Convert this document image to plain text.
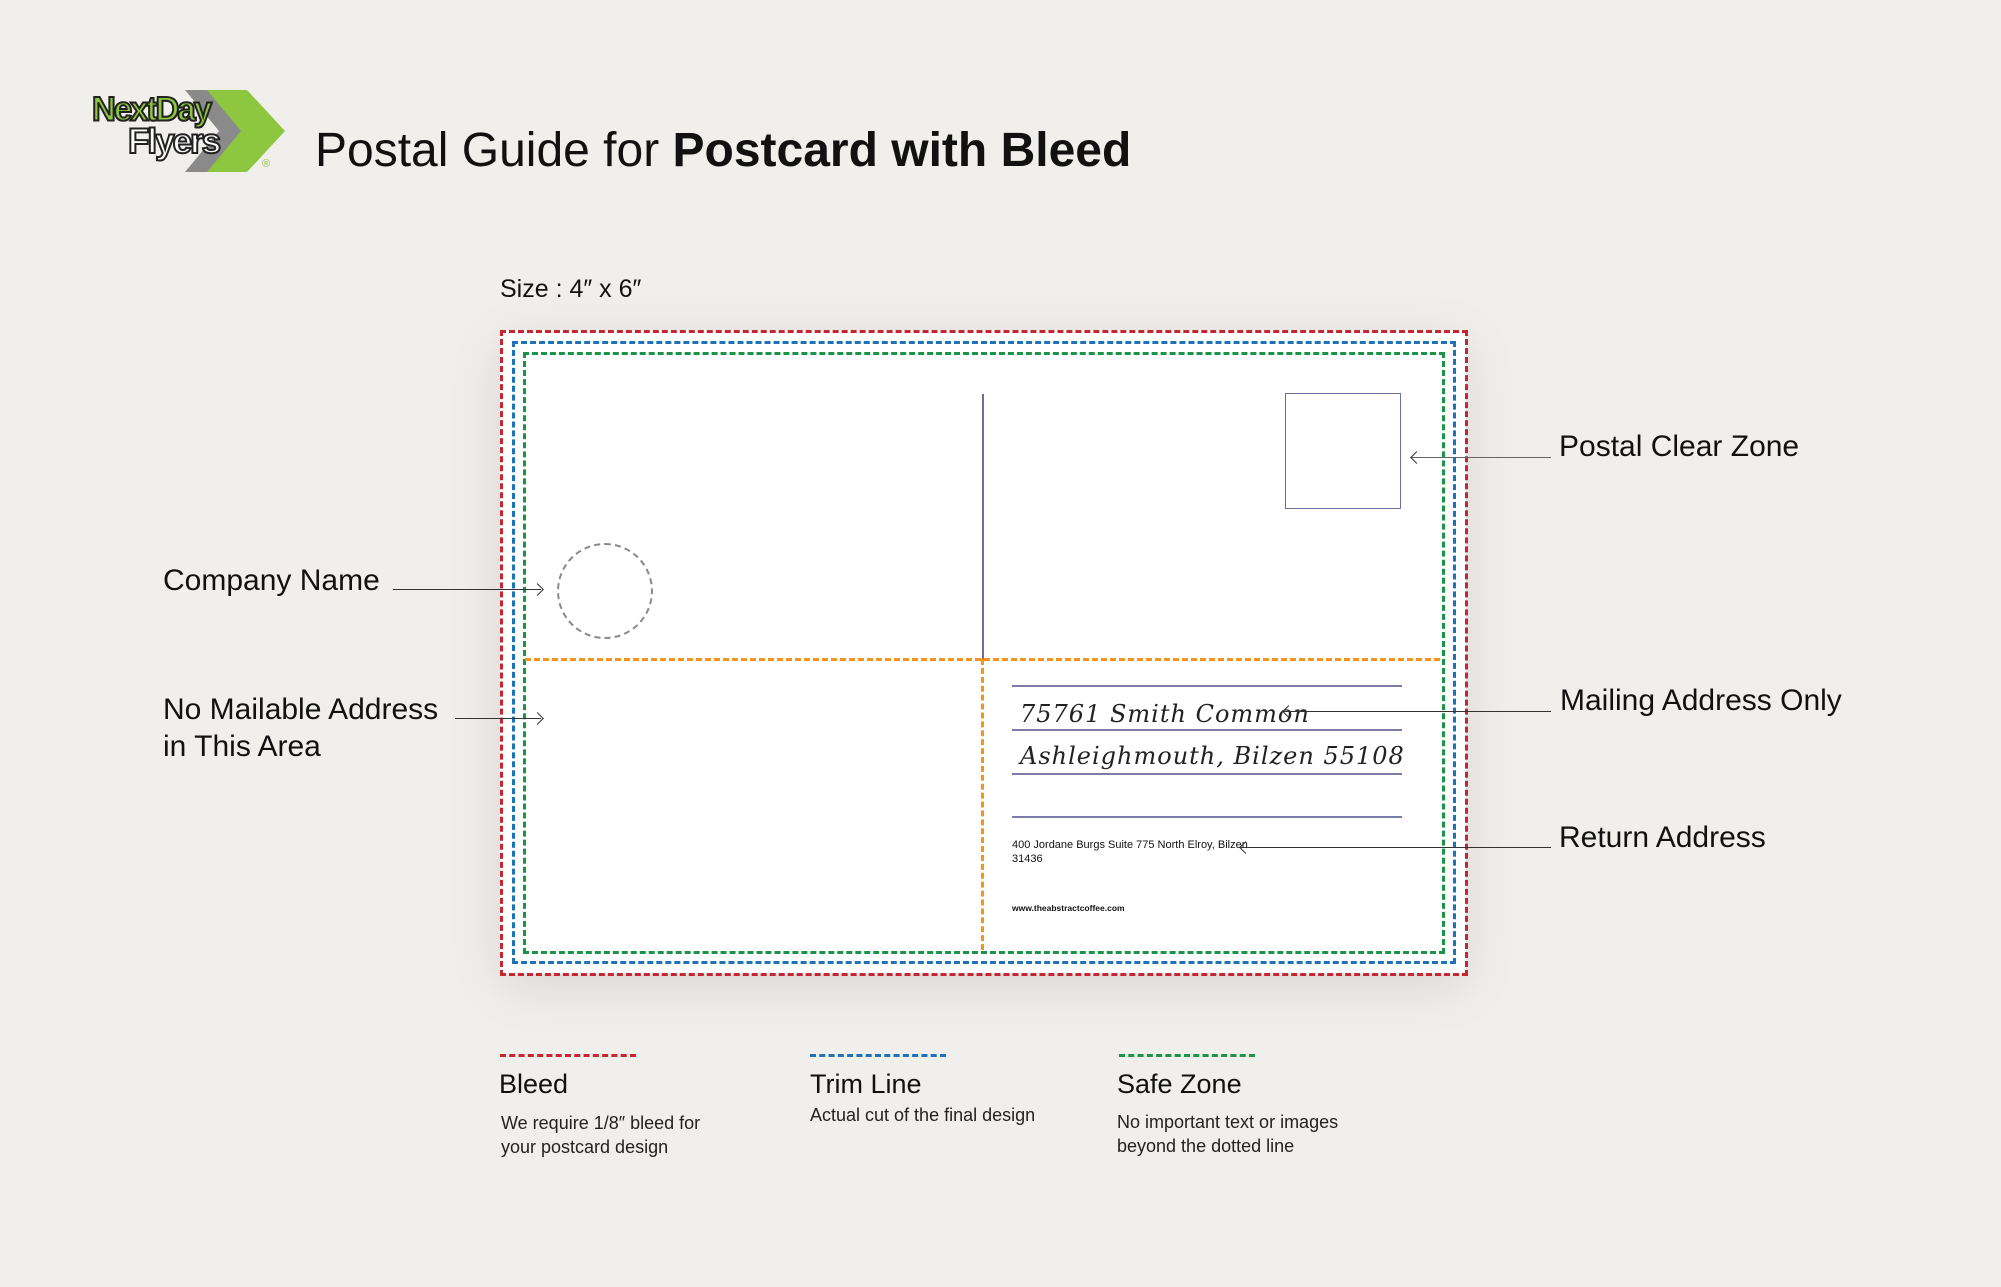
NextDay
Flyers
® Postal Guide for Postcard with Bleed
Size : 4″ x 6″
75761 Smith Common
Ashleighmouth, Bilzen 55108
400 Jordane Burgs Suite 775 North Elroy, Bilzen 31436
www.theabstractcoffee.com
Company Name
No Mailable Address
in This Area
Postal Clear Zone
Mailing Address Only
Return Address
Bleed
We require 1/8″ bleed for your postcard design
Trim Line
Actual cut of the final design
Safe Zone
No important text or images beyond the dotted line
